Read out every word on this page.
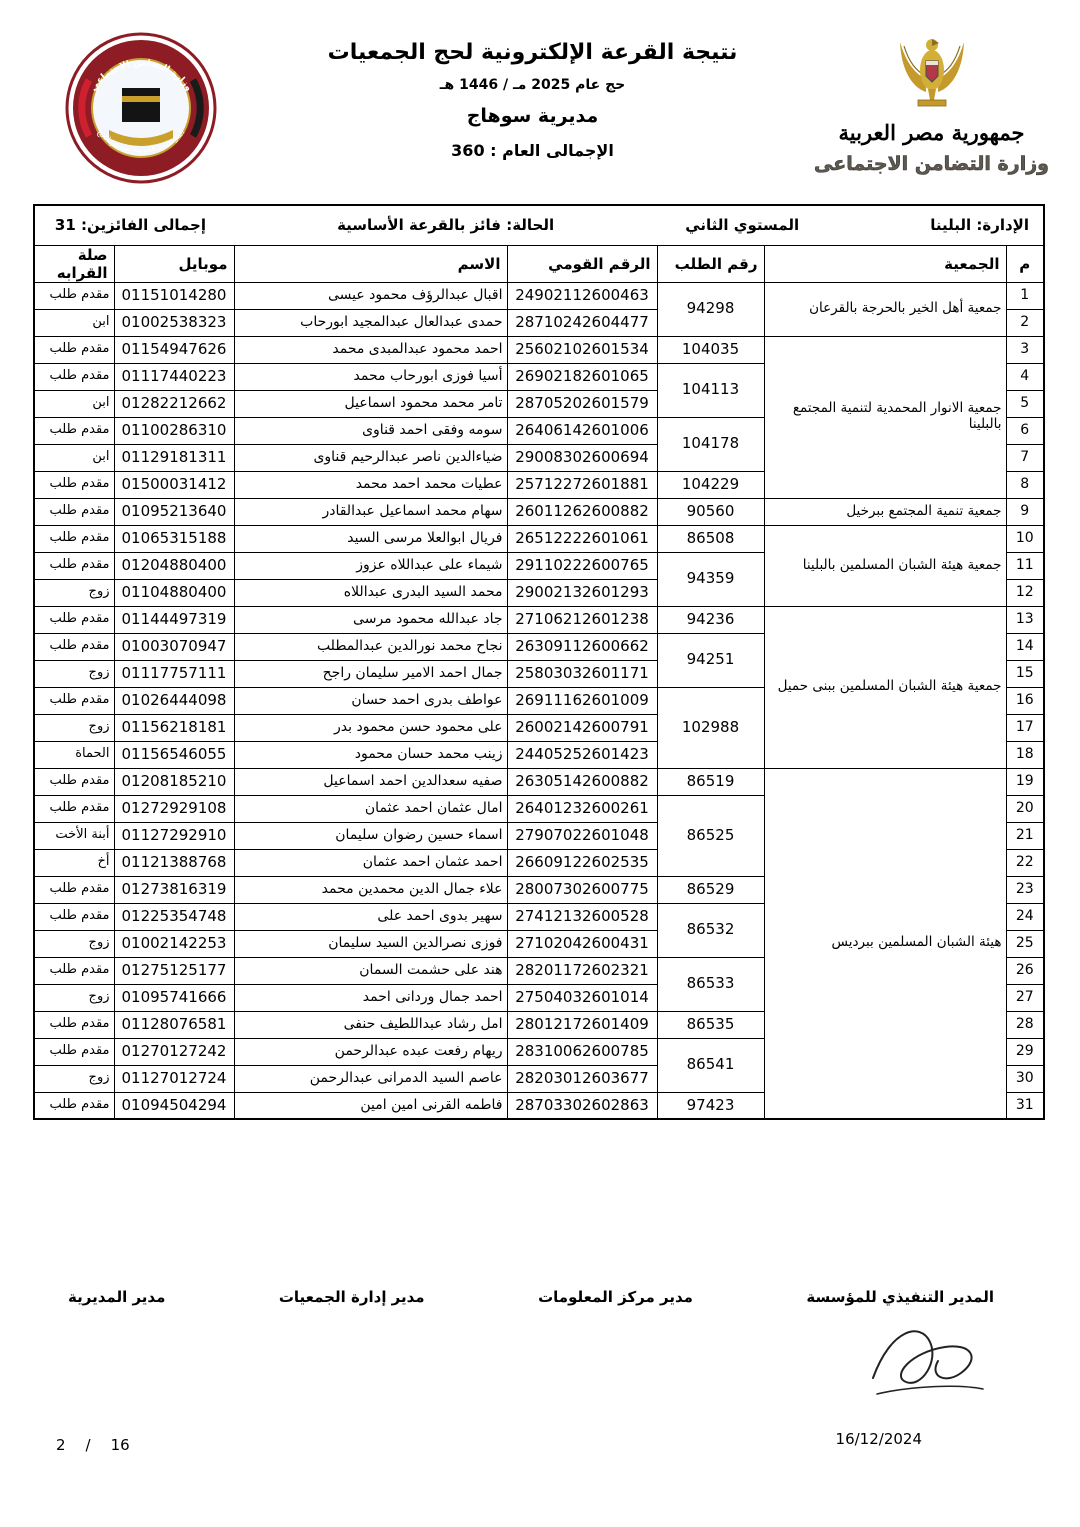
جمهورية مصر العربية
وزارة التضامن الاجتماعى
نتيجة القرعة الإلكترونية لحج الجمعيات
حج عام 2025 مـ / 1446 هـ
مديرية سوهاج
الإجمالى العام : 360
وزارة التضامن الاجتماعي
المؤسسة القومية لتيسير الحج
الإدارة: البلينا
المستوي الثاني
الحالة: فائز بالقرعة الأساسية
إجمالى الفائزين: 31						

م	الجمعية	رقم الطلب	الرقم القومي	الاسم	موبايل	صلة القرابه
1	جمعية أهل الخير بالحرجة بالقرعان	94298	24902112600463	اقبال عبدالرؤف محمود عيسى	01151014280	مقدم طلب
2			28710242604477	حمدى عبدالعال عبدالمجيد ابورحاب	01002538323	ابن
3	جمعية الانوار المحمدية لتنمية المجتمع بالبلينا	104035	25602102601534	احمد محمود عبدالمبدى محمد	01154947626	مقدم طلب
4		104113	26902182601065	أسيا فوزى ابورحاب محمد	01117440223	مقدم طلب
5			28705202601579	تامر محمد محمود اسماعيل	01282212662	ابن
6		104178	26406142601006	سومه وفقى احمد قناوى	01100286310	مقدم طلب
7			29008302600694	ضياءالدين ناصر عبدالرحيم قناوى	01129181311	ابن
8		104229	25712272601881	عطيات محمد احمد محمد	01500031412	مقدم طلب
9	جمعية تنمية المجتمع ببرخيل	90560	26011262600882	سهام محمد اسماعيل عبدالقادر	01095213640	مقدم طلب
10	جمعية هيئة الشبان المسلمين بالبلينا	86508	26512222601061	فريال ابوالعلا مرسى السيد	01065315188	مقدم طلب
11		94359	29110222600765	شيماء على عبداللاه عزوز	01204880400	مقدم طلب
12			29002132601293	محمد السيد البدرى عبداللاه	01104880400	زوج
13	جمعية هيئة الشبان المسلمين ببنى حميل	94236	27106212601238	جاد عبدالله محمود مرسى	01144497319	مقدم طلب
14		94251	26309112600662	نجاح محمد نورالدين عبدالمطلب	01003070947	مقدم طلب
15			25803032601171	جمال احمد الامير سليمان راجح	01117757111	زوج
16		102988	26911162601009	عواطف بدرى احمد حسان	01026444098	مقدم طلب
17			26002142600791	على محمود حسن محمود بدر	01156218181	زوج
18			24405252601423	زينب محمد حسان محمود	01156546055	الحماة
19	هيئة الشبان المسلمين ببرديس	86519	26305142600882	صفيه سعدالدين احمد اسماعيل	01208185210	مقدم طلب
20		86525	26401232600261	امال عثمان احمد عثمان	01272929108	مقدم طلب
21			27907022601048	اسماء حسين رضوان سليمان	01127292910	أبنة الأخت
22			26609122602535	احمد عثمان احمد عثمان	01121388768	أخ
23		86529	28007302600775	علاء جمال الدين محمدين محمد	01273816319	مقدم طلب
24		86532	27412132600528	سهير بدوى احمد على	01225354748	مقدم طلب
25			27102042600431	فوزى نصرالدين السيد سليمان	01002142253	زوج
26		86533	28201172602321	هند على حشمت السمان	01275125177	مقدم طلب
27			27504032601014	احمد جمال وردانى احمد	01095741666	زوج
28		86535	28012172601409	امل رشاد عبداللطيف حنفى	01128076581	مقدم طلب
29		86541	28310062600785	ريهام رفعت عبده عبدالرحمن	01270127242	مقدم طلب
30			28203012603677	عاصم السيد الدمرانى عبدالرحمن	01127012724	زوج
31		97423	28703302602863	فاطمه القرنى امين امين	01094504294	مقدم طلب
المدير التنفيذي للمؤسسة
مدير مركز المعلومات
مدير إدارة الجمعيات
مدير المديرية
16/12/2024
2 / 16
